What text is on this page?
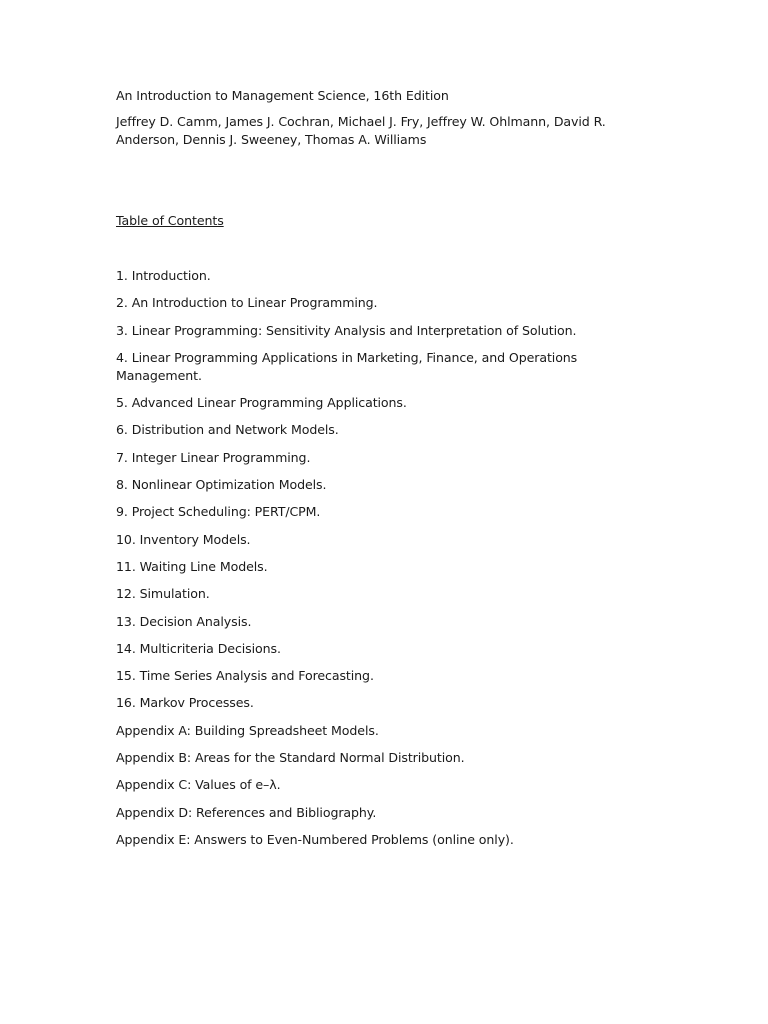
An Introduction to Management Science, 16th Edition

Jeffrey D. Camm, James J. Cochran, Michael J. Fry, Jeffrey W. Ohlmann, David R. Anderson, Dennis J. Sweeney, Thomas A. Williams

Table of Contents

1. Introduction.
2. An Introduction to Linear Programming.
3. Linear Programming: Sensitivity Analysis and Interpretation of Solution.
4. Linear Programming Applications in Marketing, Finance, and Operations Management.
5. Advanced Linear Programming Applications.
6. Distribution and Network Models.
7. Integer Linear Programming.
8. Nonlinear Optimization Models.
9. Project Scheduling: PERT/CPM.
10. Inventory Models.
11. Waiting Line Models.
12. Simulation.
13. Decision Analysis.
14. Multicriteria Decisions.
15. Time Series Analysis and Forecasting.
16. Markov Processes.
Appendix A: Building Spreadsheet Models.
Appendix B: Areas for the Standard Normal Distribution.
Appendix C: Values of e–λ.
Appendix D: References and Bibliography.
Appendix E: Answers to Even-Numbered Problems (online only).
